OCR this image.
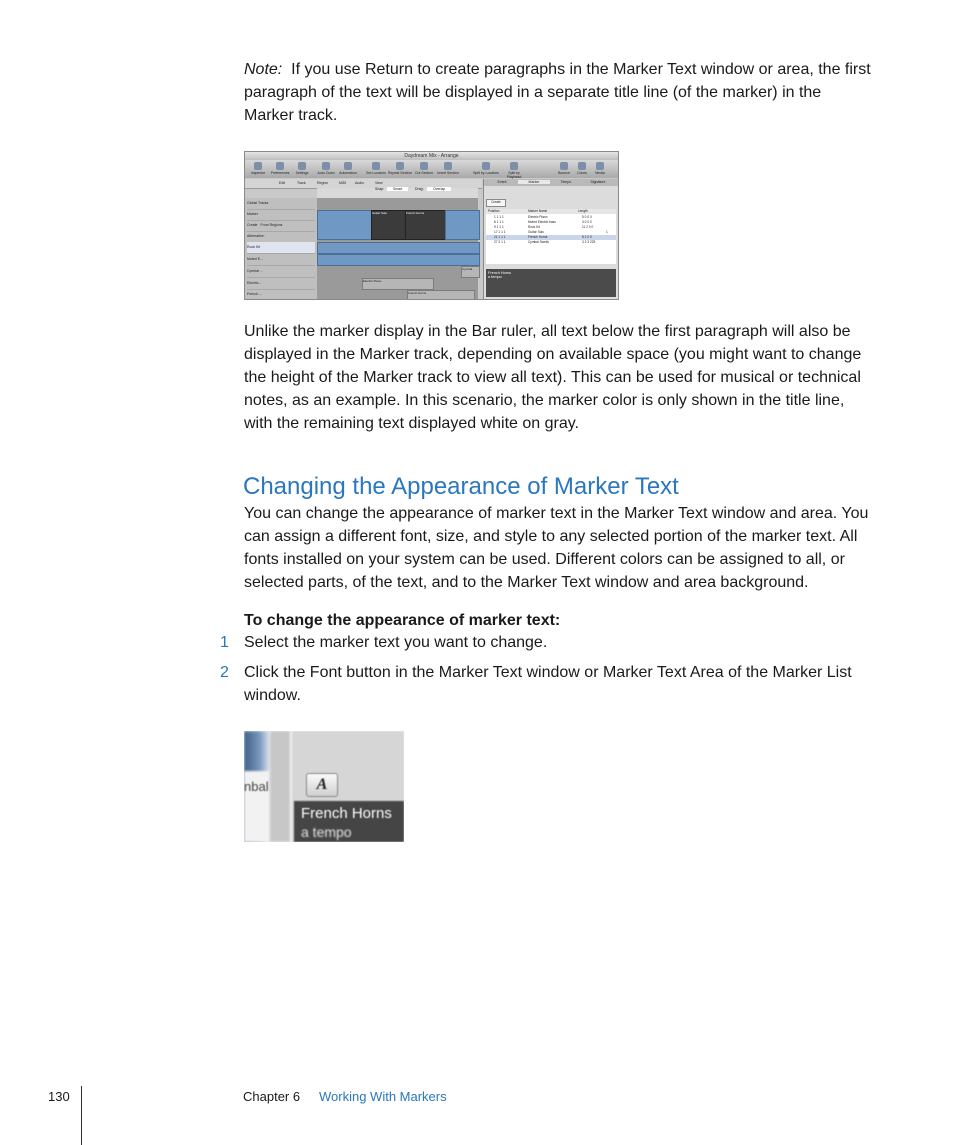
Note: If you use Return to create paragraphs in the Marker Text window or area, the first paragraph of the text will be displayed in a separate title line (of the marker) in the Marker track.

Daydream Mix - Arrange
Inspector	Preferences	Settings	Auto Zoom	Automation	Set Locators Repeat Section Cut Section	Insert Section	Split by Locators	Split by Playhead
Bounce	Colors	Media
Edit	Track	Region	MIDI Audio	View
Snap:	Smart	Drag:	Overlap
Global Tracks
Marker
Create From Regions
Alternative:
Rock Kit
Muted E...
Cymbal ...
Electric...
French ...
Guitar Solo	French Horns
Electric Piano
Cymbal
French Horns
Event	Marker	Tempo	Signature
Create
Position	Marker Name	Length
1 1 1 1	Electric Piano	5 0 0 0
6 1 1 1	Muted Electric bass	3 0 0 0
9 1 1 1	Rock Kit	11 2 0 0
17 1 1 1	Guitar Solo	1
21 1 1 1	French Horns	6 2 0 0
27 3 1 1	Cymbal Swells	3 3 3 229
French Horns
a tempo

Unlike the marker display in the Bar ruler, all text below the first paragraph will also be displayed in the Marker track, depending on available space (you might want to change the height of the Marker track to view all text). This can be used for musical or technical notes, as an example. In this scenario, the marker color is only shown in the title line, with the remaining text displayed white on gray.

Changing the Appearance of Marker Text

You can change the appearance of marker text in the Marker Text window and area. You can assign a different font, size, and style to any selected portion of the marker text. All fonts installed on your system can be used. Different colors can be assigned to all, or selected parts, of the text, and to the Marker Text window and area background.

To change the appearance of marker text:

1 Select the marker text you want to change.
2 Click the Font button in the Marker Text window or Marker Text Area of the Marker List window.
nbal	A
French Horns
a tempo
130	Chapter 6 Working With Markers
